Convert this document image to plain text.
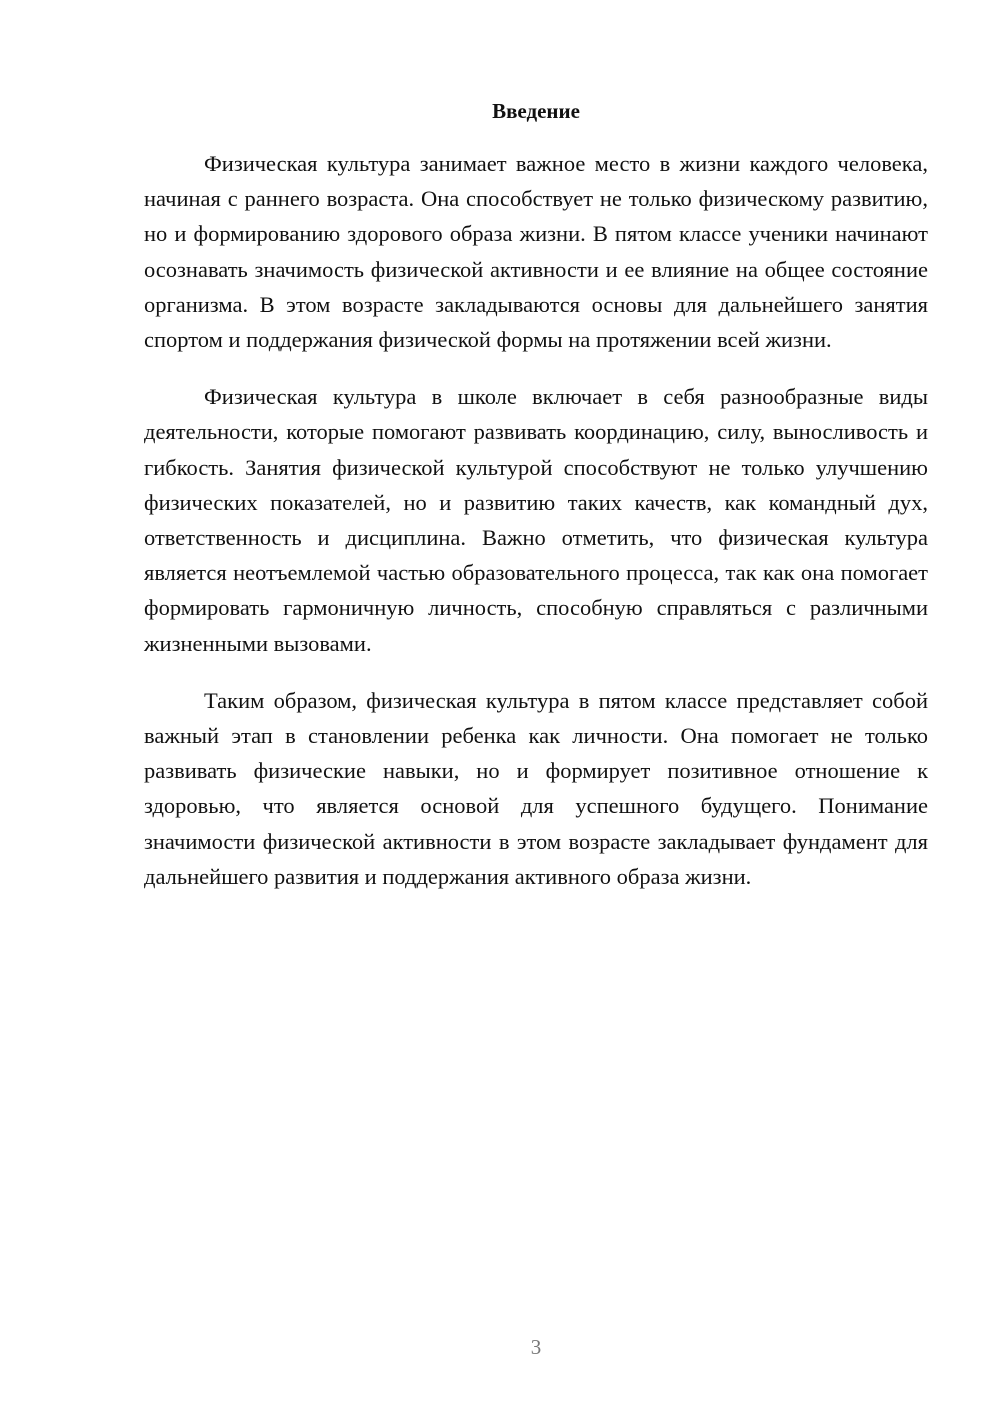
Введение

Физическая культура занимает важное место в жизни каждого человека, начиная с раннего возраста. Она способствует не только физическому развитию, но и формированию здорового образа жизни. В пятом классе ученики начинают осознавать значимость физической активности и ее влияние на общее состояние организма. В этом возрасте закладываются основы для дальнейшего занятия спортом и поддержания физической формы на протяжении всей жизни.

Физическая культура в школе включает в себя разнообразные виды деятельности, которые помогают развивать координацию, силу, выносливость и гибкость. Занятия физической культурой способствуют не только улучшению физических показателей, но и развитию таких качеств, как командный дух, ответственность и дисциплина. Важно отметить, что физическая культура является неотъемлемой частью образовательного процесса, так как она помогает формировать гармоничную личность, способную справляться с различными жизненными вызовами.

Таким образом, физическая культура в пятом классе представляет собой важный этап в становлении ребенка как личности. Она помогает не только развивать физические навыки, но и формирует позитивное отношение к здоровью, что является основой для успешного будущего. Понимание значимости физической активности в этом возрасте закладывает фундамент для дальнейшего развития и поддержания активного образа жизни.

3
